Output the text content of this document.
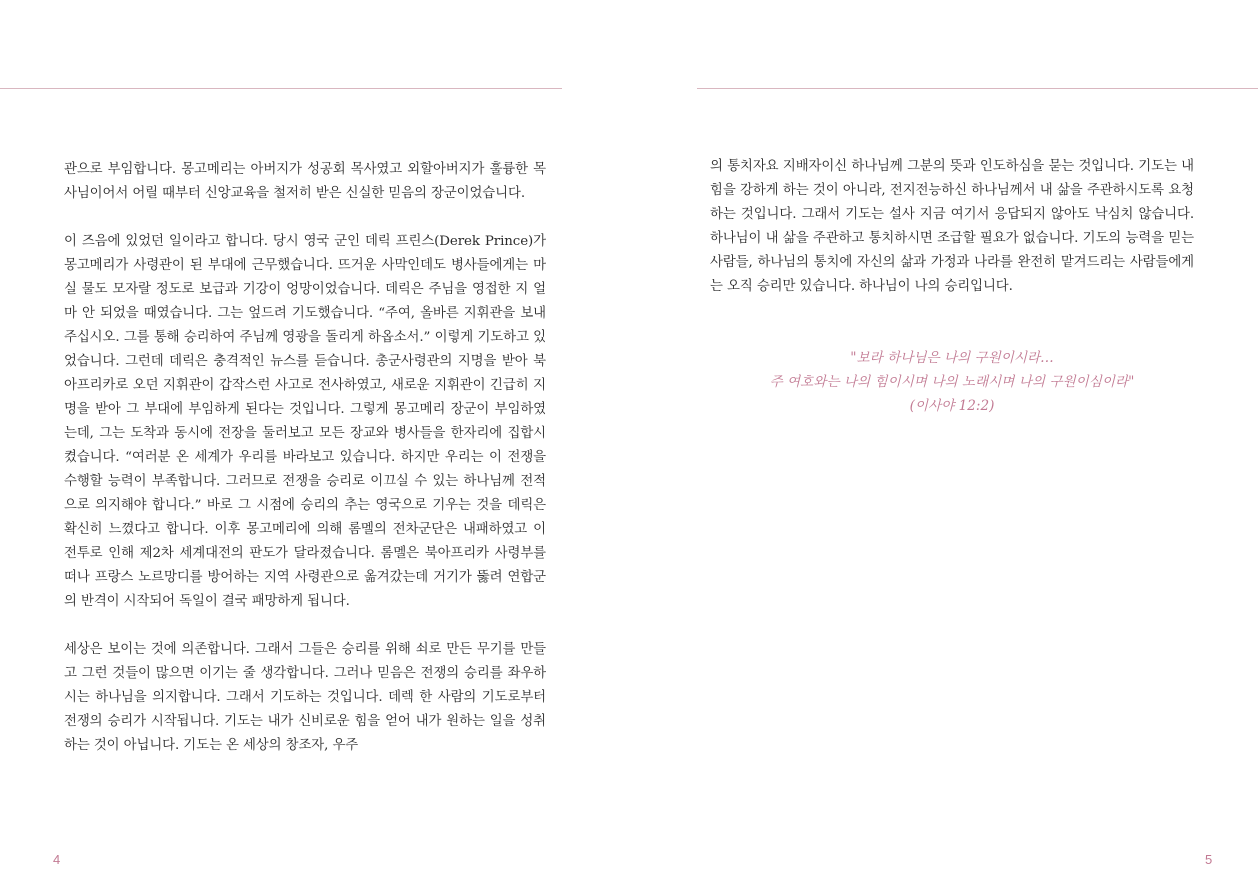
관으로 부임합니다. 몽고메리는 아버지가 성공회 목사였고 외할아버지가 훌륭한 목사님이어서 어릴 때부터 신앙교육을 철저히 받은 신실한 믿음의 장군이었습니다.

이 즈음에 있었던 일이라고 합니다. 당시 영국 군인 데릭 프린스(Derek Prince)가 몽고메리가 사령관이 된 부대에 근무했습니다. 뜨거운 사막인데도 병사들에게는 마실 물도 모자랄 정도로 보급과 기강이 엉망이었습니다. 데릭은 주님을 영접한 지 얼마 안 되었을 때였습니다. 그는 엎드려 기도했습니다. “주여, 올바른 지휘관을 보내 주십시오. 그를 통해 승리하여 주님께 영광을 돌리게 하옵소서.” 이렇게 기도하고 있었습니다. 그런데 데릭은 충격적인 뉴스를 듣습니다. 총군사령관의 지명을 받아 북아프리카로 오던 지휘관이 갑작스런 사고로 전사하였고, 새로운 지휘관이 긴급히 지명을 받아 그 부대에 부임하게 된다는 것입니다. 그렇게 몽고메리 장군이 부임하였는데, 그는 도착과 동시에 전장을 둘러보고 모든 장교와 병사들을 한자리에 집합시켰습니다. “여러분 온 세계가 우리를 바라보고 있습니다. 하지만 우리는 이 전쟁을 수행할 능력이 부족합니다. 그러므로 전쟁을 승리로 이끄실 수 있는 하나님께 전적으로 의지해야 합니다.” 바로 그 시점에 승리의 추는 영국으로 기우는 것을 데릭은 확신히 느꼈다고 합니다. 이후 몽고메리에 의해 롬멜의 전차군단은 내패하였고 이 전투로 인해 제2차 세계대전의 판도가 달라졌습니다. 롬멜은 북아프리카 사령부를 떠나 프랑스 노르망디를 방어하는 지역 사령관으로 옮겨갔는데 거기가 뚫려 연합군의 반격이 시작되어 독일이 결국 패망하게 됩니다.

세상은 보이는 것에 의존합니다. 그래서 그들은 승리를 위해 쇠로 만든 무기를 만들고 그런 것들이 많으면 이기는 줄 생각합니다. 그러나 믿음은 전쟁의 승리를 좌우하시는 하나님을 의지합니다. 그래서 기도하는 것입니다. 데렉 한 사람의 기도로부터 전쟁의 승리가 시작됩니다. 기도는 내가 신비로운 힘을 얻어 내가 원하는 일을 성취하는 것이 아닙니다. 기도는 온 세상의 창조자, 우주

의 통치자요 지배자이신 하나님께 그분의 뜻과 인도하심을 묻는 것입니다. 기도는 내 힘을 강하게 하는 것이 아니라, 전지전능하신 하나님께서 내 삶을 주관하시도록 요청하는 것입니다. 그래서 기도는 설사 지금 여기서 응답되지 않아도 낙심치 않습니다. 하나님이 내 삶을 주관하고 통치하시면 조급할 필요가 없습니다. 기도의 능력을 믿는 사람들, 하나님의 통치에 자신의 삶과 가정과 나라를 완전히 맡겨드리는 사람들에게는 오직 승리만 있습니다. 하나님이 나의 승리입니다.

"보라 하나님은 나의 구원이시라…
주 여호와는 나의 힘이시며 나의 노래시며 나의 구원이심이라"
(이사야 12:2)
4	5
